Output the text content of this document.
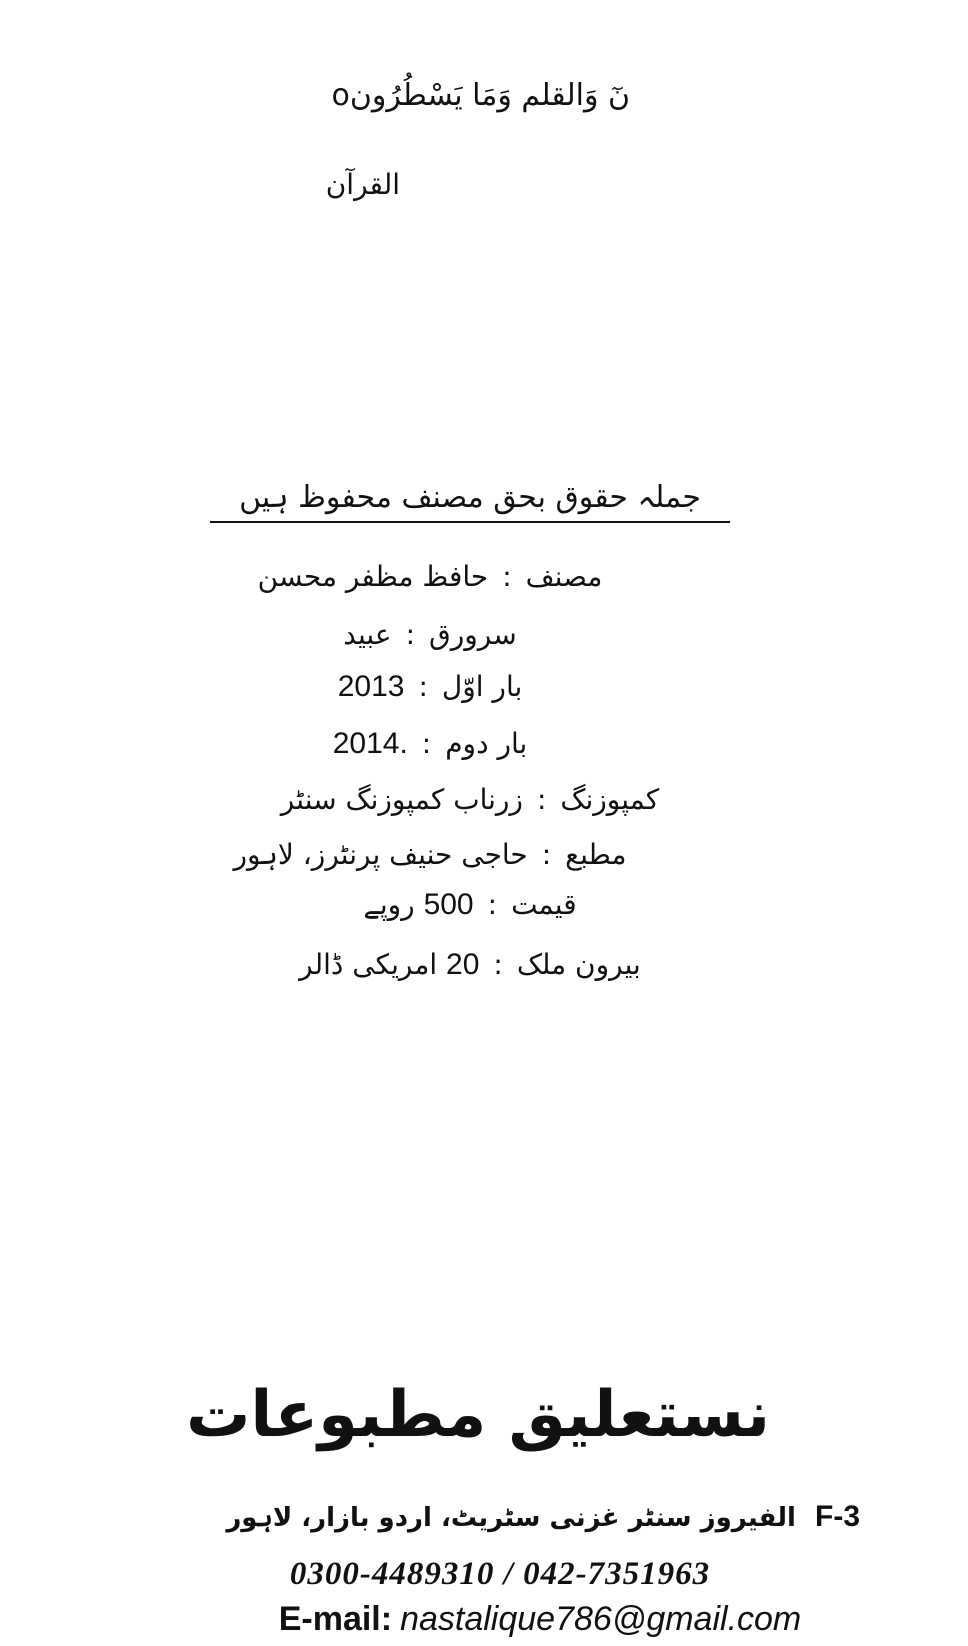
نٓ وَالقلم وَمَا یَسْطُرُونo
القرآن
جملہ حقوق بحق مصنف محفوظ ہیں
مصنف:حافظ مظفر محسن
سرورق:عبید
بار اوّل:2013
بار دوم:2014.
کمپوزنگ:زرناب کمپوزنگ سنٹر
مطبع:حاجی حنیف پرنٹرز، لاہور
قیمت:500 روپے
بیرون ملک:20 امریکی ڈالر
نستعلیق مطبوعات
F-3 الفیروز سنٹر غزنی سٹریٹ، اردو بازار، لاہور
0300-4489310 / 042-7351963
E-mail: nastalique786@gmail.com
